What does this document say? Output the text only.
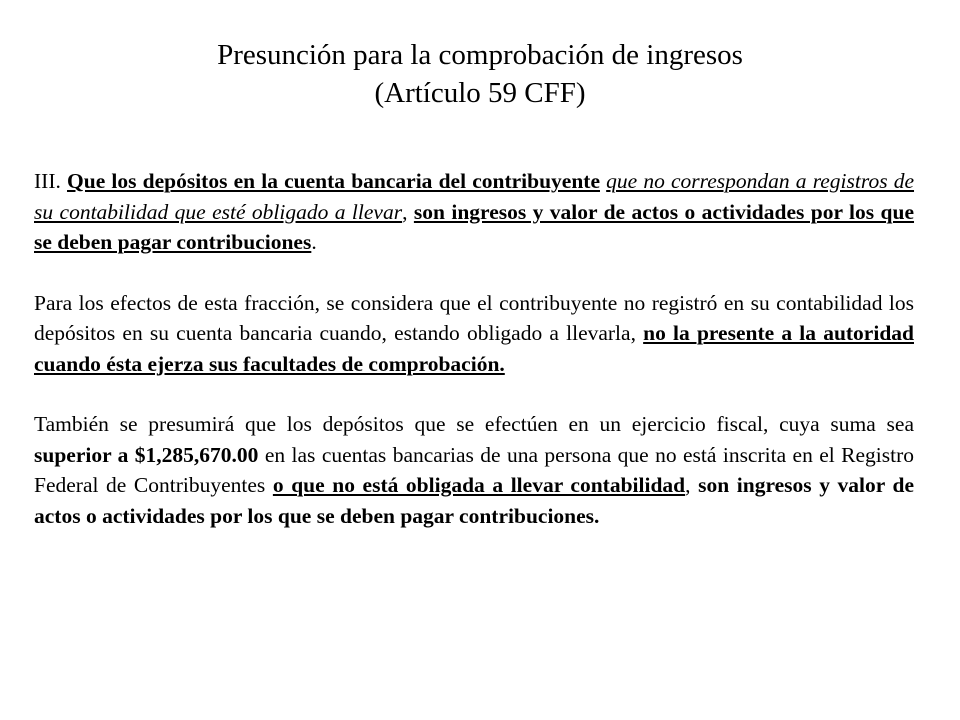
Presunción para la comprobación de ingresos
(Artículo 59 CFF)

III. Que los depósitos en la cuenta bancaria del contribuyente que no correspondan a registros de su contabilidad que esté obligado a llevar, son ingresos y valor de actos o actividades por los que se deben pagar contribuciones.

Para los efectos de esta fracción, se considera que el contribuyente no registró en su contabilidad los depósitos en su cuenta bancaria cuando, estando obligado a llevarla, no la presente a la autoridad cuando ésta ejerza sus facultades de comprobación.

También se presumirá que los depósitos que se efectúen en un ejercicio fiscal, cuya suma sea superior a $1,285,670.00 en las cuentas bancarias de una persona que no está inscrita en el Registro Federal de Contribuyentes o que no está obligada a llevar contabilidad, son ingresos y valor de actos o actividades por los que se deben pagar contribuciones.
